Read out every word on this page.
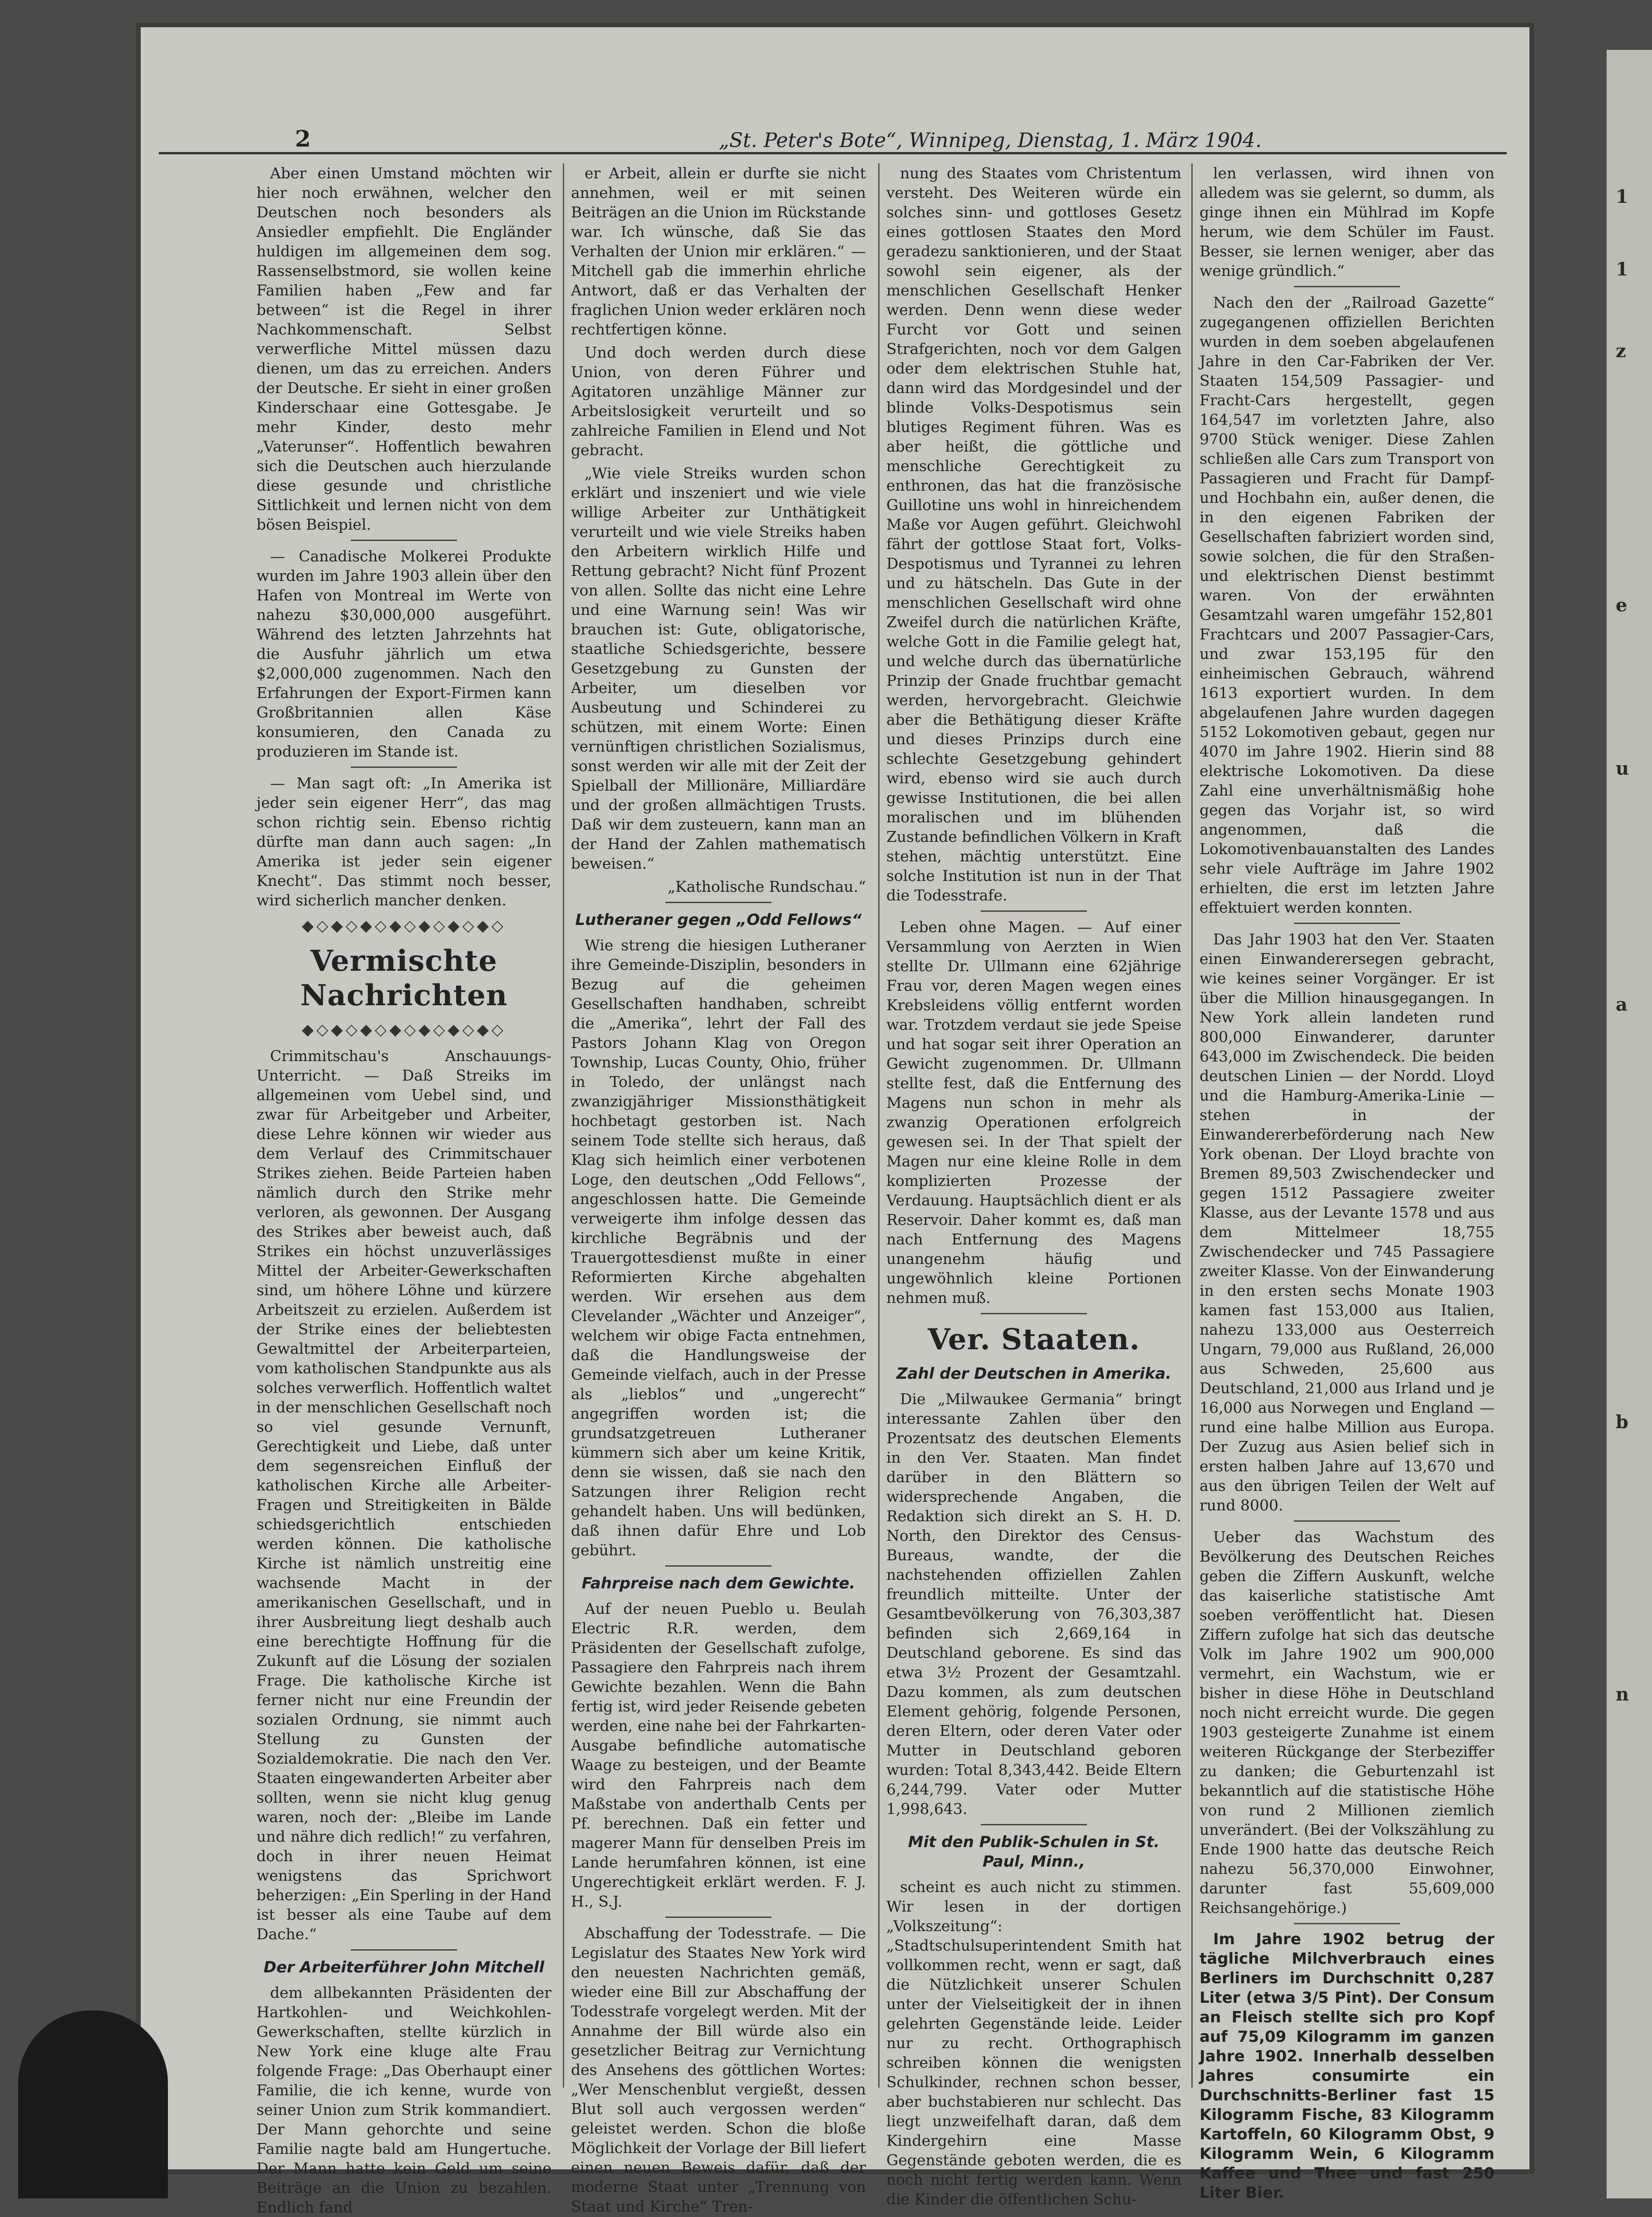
1
1
z
e
u
a
b
n
2	„St. Peter's Bote“, Winnipeg, Dienstag, 1. März 1904.

Aber einen Umstand möchten wir hier noch erwähnen, welcher den Deutschen noch besonders als Ansiedler empfiehlt. Die Engländer huldigen im allgemeinen dem sog. Rassenselbstmord, sie wollen keine Familien haben „Few and far between“ ist die Regel in ihrer Nachkommenschaft. Selbst verwerfliche Mittel müssen dazu dienen, um das zu erreichen. Anders der Deutsche. Er sieht in einer großen Kinderschaar eine Gottesgabe. Je mehr Kinder, desto mehr „Vaterunser“. Hoffentlich bewahren sich die Deutschen auch hierzulande diese gesunde und christliche Sittlichkeit und lernen nicht von dem bösen Beispiel.

— Canadische Molkerei Produkte wurden im Jahre 1903 allein über den Hafen von Montreal im Werte von nahezu $30,000,000 ausgeführt. Während des letzten Jahrzehnts hat die Ausfuhr jährlich um etwa $2,000,000 zugenommen. Nach den Erfahrungen der Export-Firmen kann Großbritannien allen Käse konsumieren, den Canada zu produzieren im Stande ist.

— Man sagt oft: „In Amerika ist jeder sein eigener Herr“, das mag schon richtig sein. Ebenso richtig dürfte man dann auch sagen: „In Amerika ist jeder sein eigener Knecht“. Das stimmt noch besser, wird sicherlich mancher denken.

◆◇◆◇◆◇◆◇◆◇◆◇◆◇
Vermischte Nachrichten
◆◇◆◇◆◇◆◇◆◇◆◇◆◇

Crimmitschau's Anschauungs-Unterricht. — Daß Streiks im allgemeinen vom Uebel sind, und zwar für Arbeitgeber und Arbeiter, diese Lehre können wir wieder aus dem Verlauf des Crimmitschauer Strikes ziehen. Beide Parteien haben nämlich durch den Strike mehr verloren, als gewonnen. Der Ausgang des Strikes aber beweist auch, daß Strikes ein höchst unzuverlässiges Mittel der Arbeiter-Gewerkschaften sind, um höhere Löhne und kürzere Arbeitszeit zu erzielen. Außerdem ist der Strike eines der beliebtesten Gewaltmittel der Arbeiterparteien, vom katholischen Standpunkte aus als solches verwerflich. Hoffentlich waltet in der menschlichen Gesellschaft noch so viel gesunde Vernunft, Gerechtigkeit und Liebe, daß unter dem segensreichen Einfluß der katholischen Kirche alle Arbeiter-Fragen und Streitigkeiten in Bälde schiedsgerichtlich entschieden werden können. Die katholische Kirche ist nämlich unstreitig eine wachsende Macht in der amerikanischen Gesellschaft, und in ihrer Ausbreitung liegt deshalb auch eine berechtigte Hoffnung für die Zukunft auf die Lösung der sozialen Frage. Die katholische Kirche ist ferner nicht nur eine Freundin der sozialen Ordnung, sie nimmt auch Stellung zu Gunsten der Sozialdemokratie. Die nach den Ver. Staaten eingewanderten Arbeiter aber sollten, wenn sie nicht klug genug waren, noch der: „Bleibe im Lande und nähre dich redlich!“ zu verfahren, doch in ihrer neuen Heimat wenigstens das Sprichwort beherzigen: „Ein Sperling in der Hand ist besser als eine Taube auf dem Dache.“

Der Arbeiterführer John Mitchell

dem allbekannten Präsidenten der Hartkohlen- und Weichkohlen-Gewerkschaften, stellte kürzlich in New York eine kluge alte Frau folgende Frage: „Das Oberhaupt einer Familie, die ich kenne, wurde von seiner Union zum Strik kommandiert. Der Mann gehorchte und seine Familie nagte bald am Hungertuche. Der Mann hatte kein Geld um seine Beiträge an die Union zu bezahlen. Endlich fand

er Arbeit, allein er durfte sie nicht annehmen, weil er mit seinen Beiträgen an die Union im Rückstande war. Ich wünsche, daß Sie das Verhalten der Union mir erklären.“ — Mitchell gab die immerhin ehrliche Antwort, daß er das Verhalten der fraglichen Union weder erklären noch rechtfertigen könne.

Und doch werden durch diese Union, von deren Führer und Agitatoren unzählige Männer zur Arbeitslosigkeit verurteilt und so zahlreiche Familien in Elend und Not gebracht.

„Wie viele Streiks wurden schon erklärt und inszeniert und wie viele willige Arbeiter zur Unthätigkeit verurteilt und wie viele Streiks haben den Arbeitern wirklich Hilfe und Rettung gebracht? Nicht fünf Prozent von allen. Sollte das nicht eine Lehre und eine Warnung sein! Was wir brauchen ist: Gute, obligatorische, staatliche Schiedsgerichte, bessere Gesetzgebung zu Gunsten der Arbeiter, um dieselben vor Ausbeutung und Schinderei zu schützen, mit einem Worte: Einen vernünftigen christlichen Sozialismus, sonst werden wir alle mit der Zeit der Spielball der Millionäre, Milliardäre und der großen allmächtigen Trusts. Daß wir dem zusteuern, kann man an der Hand der Zahlen mathematisch beweisen.“

„Katholische Rundschau.“

Lutheraner gegen „Odd Fellows“

Wie streng die hiesigen Lutheraner ihre Gemeinde-Disziplin, besonders in Bezug auf die geheimen Gesellschaften handhaben, schreibt die „Amerika“, lehrt der Fall des Pastors Johann Klag von Oregon Township, Lucas County, Ohio, früher in Toledo, der unlängst nach zwanzigjähriger Missionsthätigkeit hochbetagt gestorben ist. Nach seinem Tode stellte sich heraus, daß Klag sich heimlich einer verbotenen Loge, den deutschen „Odd Fellows“, angeschlossen hatte. Die Gemeinde verweigerte ihm infolge dessen das kirchliche Begräbnis und der Trauergottesdienst mußte in einer Reformierten Kirche abgehalten werden. Wir ersehen aus dem Clevelander „Wächter und Anzeiger“, welchem wir obige Facta entnehmen, daß die Handlungsweise der Gemeinde vielfach, auch in der Presse als „lieblos“ und „ungerecht“ angegriffen worden ist; die grundsatzgetreuen Lutheraner kümmern sich aber um keine Kritik, denn sie wissen, daß sie nach den Satzungen ihrer Religion recht gehandelt haben. Uns will bedünken, daß ihnen dafür Ehre und Lob gebührt.

Fahrpreise nach dem Gewichte.

Auf der neuen Pueblo u. Beulah Electric R.R. werden, dem Präsidenten der Gesellschaft zufolge, Passagiere den Fahrpreis nach ihrem Gewichte bezahlen. Wenn die Bahn fertig ist, wird jeder Reisende gebeten werden, eine nahe bei der Fahrkarten-Ausgabe befindliche automatische Waage zu besteigen, und der Beamte wird den Fahrpreis nach dem Maßstabe von anderthalb Cents per Pf. berechnen. Daß ein fetter und magerer Mann für denselben Preis im Lande herumfahren können, ist eine Ungerechtigkeit erklärt werden. F. J. H., S.J.

Abschaffung der Todesstrafe. — Die Legislatur des Staates New York wird den neuesten Nachrichten gemäß, wieder eine Bill zur Abschaffung der Todesstrafe vorgelegt werden. Mit der Annahme der Bill würde also ein gesetzlicher Beitrag zur Vernichtung des Ansehens des göttlichen Wortes: „Wer Menschenblut vergießt, dessen Blut soll auch vergossen werden“ geleistet werden. Schon die bloße Möglichkeit der Vorlage der Bill liefert einen neuen Beweis dafür, daß der moderne Staat unter „Trennung von Staat und Kirche“ Tren-

nung des Staates vom Christentum versteht. Des Weiteren würde ein solches sinn- und gottloses Gesetz eines gottlosen Staates den Mord geradezu sanktionieren, und der Staat sowohl sein eigener, als der menschlichen Gesellschaft Henker werden. Denn wenn diese weder Furcht vor Gott und seinen Strafgerichten, noch vor dem Galgen oder dem elektrischen Stuhle hat, dann wird das Mordgesindel und der blinde Volks-Despotismus sein blutiges Regiment führen. Was es aber heißt, die göttliche und menschliche Gerechtigkeit zu enthronen, das hat die französische Guillotine uns wohl in hinreichendem Maße vor Augen geführt. Gleichwohl fährt der gottlose Staat fort, Volks-Despotismus und Tyrannei zu lehren und zu hätscheln. Das Gute in der menschlichen Gesellschaft wird ohne Zweifel durch die natürlichen Kräfte, welche Gott in die Familie gelegt hat, und welche durch das übernatürliche Prinzip der Gnade fruchtbar gemacht werden, hervorgebracht. Gleichwie aber die Bethätigung dieser Kräfte und dieses Prinzips durch eine schlechte Gesetzgebung gehindert wird, ebenso wird sie auch durch gewisse Institutionen, die bei allen moralischen und im blühenden Zustande befindlichen Völkern in Kraft stehen, mächtig unterstützt. Eine solche Institution ist nun in der That die Todesstrafe.

Leben ohne Magen. — Auf einer Versammlung von Aerzten in Wien stellte Dr. Ullmann eine 62jährige Frau vor, deren Magen wegen eines Krebsleidens völlig entfernt worden war. Trotzdem verdaut sie jede Speise und hat sogar seit ihrer Operation an Gewicht zugenommen. Dr. Ullmann stellte fest, daß die Entfernung des Magens nun schon in mehr als zwanzig Operationen erfolgreich gewesen sei. In der That spielt der Magen nur eine kleine Rolle in dem komplizierten Prozesse der Verdauung. Hauptsächlich dient er als Reservoir. Daher kommt es, daß man nach Entfernung des Magens unangenehm häufig und ungewöhnlich kleine Portionen nehmen muß.

Ver. Staaten.
Zahl der Deutschen in Amerika.

Die „Milwaukee Germania“ bringt interessante Zahlen über den Prozentsatz des deutschen Elements in den Ver. Staaten. Man findet darüber in den Blättern so widersprechende Angaben, die Redaktion sich direkt an S. H. D. North, den Direktor des Census-Bureaus, wandte, der die nachstehenden offiziellen Zahlen freundlich mitteilte. Unter der Gesamtbevölkerung von 76,303,387 befinden sich 2,669,164 in Deutschland geborene. Es sind das etwa 3½ Prozent der Gesamtzahl. Dazu kommen, als zum deutschen Element gehörig, folgende Personen, deren Eltern, oder deren Vater oder Mutter in Deutschland geboren wurden: Total 8,343,442. Beide Eltern 6,244,799. Vater oder Mutter 1,998,643.

Mit den Publik-Schulen in St. Paul, Minn.,

scheint es auch nicht zu stimmen. Wir lesen in der dortigen „Volkszeitung“: „Stadtschulsuperintendent Smith hat vollkommen recht, wenn er sagt, daß die Nützlichkeit unserer Schulen unter der Vielseitigkeit der in ihnen gelehrten Gegenstände leide. Leider nur zu recht. Orthographisch schreiben können die wenigsten Schulkinder, rechnen schon besser, aber buchstabieren nur schlecht. Das liegt unzweifelhaft daran, daß dem Kindergehirn eine Masse Gegenstände geboten werden, die es noch nicht fertig werden kann. Wenn die Kinder die öffentlichen Schu-

len verlassen, wird ihnen von alledem was sie gelernt, so dumm, als ginge ihnen ein Mühlrad im Kopfe herum, wie dem Schüler im Faust. Besser, sie lernen weniger, aber das wenige gründlich.“

Nach den der „Railroad Gazette“ zugegangenen offiziellen Berichten wurden in dem soeben abgelaufenen Jahre in den Car-Fabriken der Ver. Staaten 154,509 Passagier- und Fracht-Cars hergestellt, gegen 164,547 im vorletzten Jahre, also 9700 Stück weniger. Diese Zahlen schließen alle Cars zum Transport von Passagieren und Fracht für Dampf- und Hochbahn ein, außer denen, die in den eigenen Fabriken der Gesellschaften fabriziert worden sind, sowie solchen, die für den Straßen- und elektrischen Dienst bestimmt waren. Von der erwähnten Gesamtzahl waren umgefähr 152,801 Frachtcars und 2007 Passagier-Cars, und zwar 153,195 für den einheimischen Gebrauch, während 1613 exportiert wurden. In dem abgelaufenen Jahre wurden dagegen 5152 Lokomotiven gebaut, gegen nur 4070 im Jahre 1902. Hierin sind 88 elektrische Lokomotiven. Da diese Zahl eine unverhältnismäßig hohe gegen das Vorjahr ist, so wird angenommen, daß die Lokomotivenbauanstalten des Landes sehr viele Aufträge im Jahre 1902 erhielten, die erst im letzten Jahre effektuiert werden konnten.

Das Jahr 1903 hat den Ver. Staaten einen Einwanderersegen gebracht, wie keines seiner Vorgänger. Er ist über die Million hinausgegangen. In New York allein landeten rund 800,000 Einwanderer, darunter 643,000 im Zwischendeck. Die beiden deutschen Linien — der Nordd. Lloyd und die Hamburg-Amerika-Linie — stehen in der Einwandererbeförderung nach New York obenan. Der Lloyd brachte von Bremen 89,503 Zwischendecker und gegen 1512 Passagiere zweiter Klasse, aus der Levante 1578 und aus dem Mittelmeer 18,755 Zwischendecker und 745 Passagiere zweiter Klasse. Von der Einwanderung in den ersten sechs Monate 1903 kamen fast 153,000 aus Italien, nahezu 133,000 aus Oesterreich Ungarn, 79,000 aus Rußland, 26,000 aus Schweden, 25,600 aus Deutschland, 21,000 aus Irland und je 16,000 aus Norwegen und England — rund eine halbe Million aus Europa. Der Zuzug aus Asien belief sich in ersten halben Jahre auf 13,670 und aus den übrigen Teilen der Welt auf rund 8000.

Ueber das Wachstum des Bevölkerung des Deutschen Reiches geben die Ziffern Auskunft, welche das kaiserliche statistische Amt soeben veröffentlicht hat. Diesen Ziffern zufolge hat sich das deutsche Volk im Jahre 1902 um 900,000 vermehrt, ein Wachstum, wie er bisher in diese Höhe in Deutschland noch nicht erreicht wurde. Die gegen 1903 gesteigerte Zunahme ist einem weiteren Rückgange der Sterbeziffer zu danken; die Geburtenzahl ist bekanntlich auf die statistische Höhe von rund 2 Millionen ziemlich unverändert. (Bei der Volkszählung zu Ende 1900 hatte das deutsche Reich nahezu 56,370,000 Einwohner, darunter fast 55,609,000 Reichsangehörige.)

Im Jahre 1902 betrug der tägliche Milchverbrauch eines Berliners im Durchschnitt 0,287 Liter (etwa 3/5 Pint). Der Consum an Fleisch stellte sich pro Kopf auf 75,09 Kilogramm im ganzen Jahre 1902. Innerhalb desselben Jahres consumirte ein Durchschnitts-Berliner fast 15 Kilogramm Fische, 83 Kilogramm Kartoffeln, 60 Kilogramm Obst, 9 Kilogramm Wein, 6 Kilogramm Kaffee und Thee und fast 250 Liter Bier.
